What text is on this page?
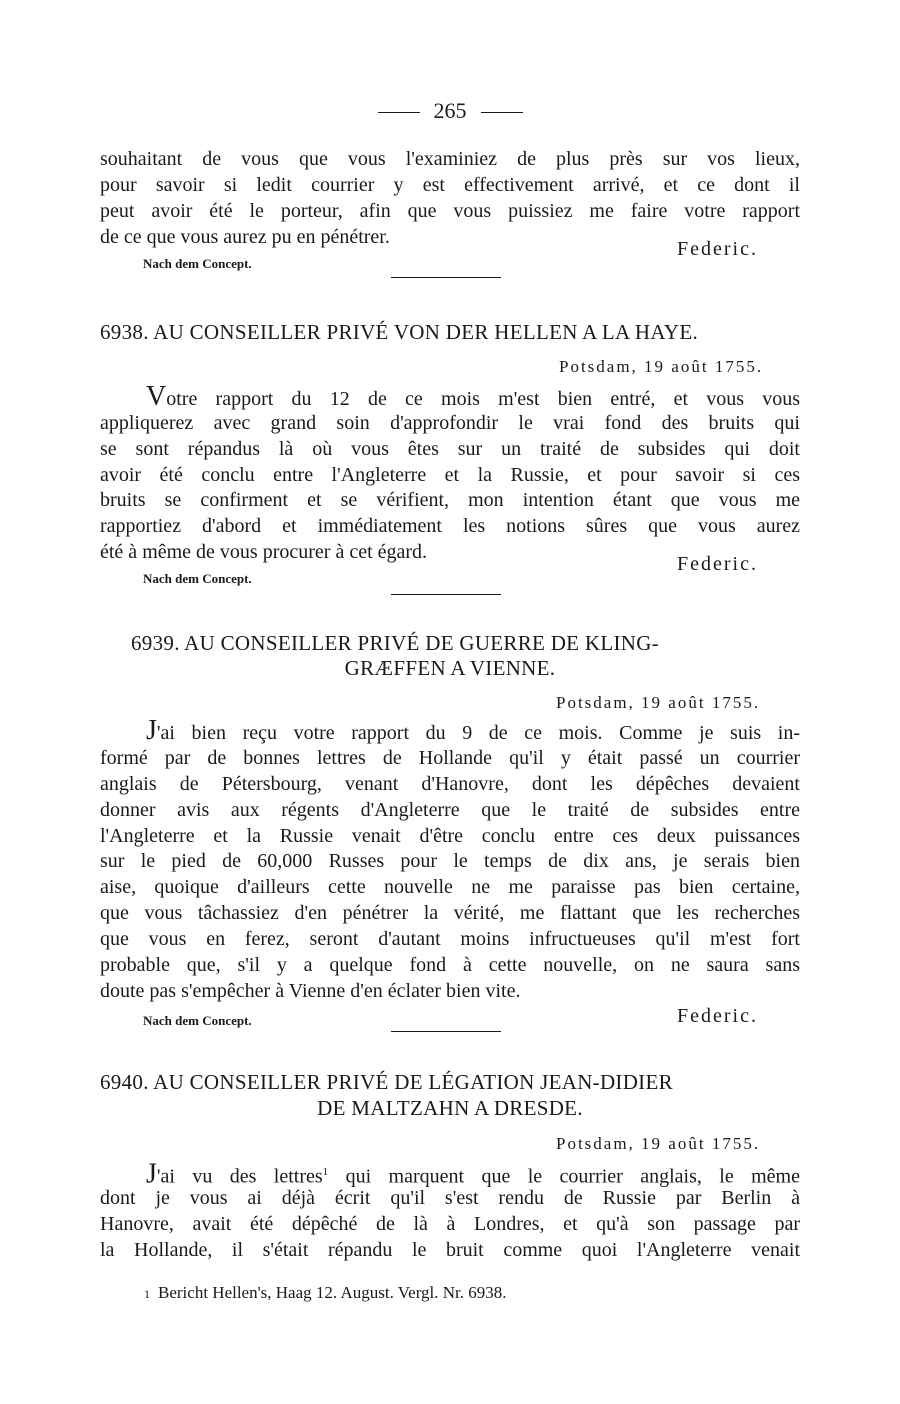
265
souhaitant de vous que vous l'examiniez de plus près sur vos lieux,
pour savoir si ledit courrier y est effectivement arrivé, et ce dont il
peut avoir été le porteur, afin que vous puissiez me faire votre rapport
de ce que vous aurez pu en pénétrer.
Federic.
Nach dem Concept.
6938. AU CONSEILLER PRIVÉ VON DER HELLEN A LA HAYE.
Potsdam, 19 août 1755.
Votre rapport du 12 de ce mois m'est bien entré, et vous vous
appliquerez avec grand soin d'approfondir le vrai fond des bruits qui
se sont répandus là où vous êtes sur un traité de subsides qui doit
avoir été conclu entre l'Angleterre et la Russie, et pour savoir si ces
bruits se confirment et se vérifient, mon intention étant que vous me
rapportiez d'abord et immédiatement les notions sûres que vous aurez
été à même de vous procurer à cet égard.
Federic.
Nach dem Concept.
6939. AU CONSEILLER PRIVÉ DE GUERRE DE KLING-
GRÆFFEN A VIENNE.
Potsdam, 19 août 1755.
J'ai bien reçu votre rapport du 9 de ce mois. Comme je suis in-
formé par de bonnes lettres de Hollande qu'il y était passé un courrier
anglais de Pétersbourg, venant d'Hanovre, dont les dépêches devaient
donner avis aux régents d'Angleterre que le traité de subsides entre
l'Angleterre et la Russie venait d'être conclu entre ces deux puissances
sur le pied de 60,000 Russes pour le temps de dix ans, je serais bien
aise, quoique d'ailleurs cette nouvelle ne me paraisse pas bien certaine,
que vous tâchassiez d'en pénétrer la vérité, me flattant que les recherches
que vous en ferez, seront d'autant moins infructueuses qu'il m'est fort
probable que, s'il y a quelque fond à cette nouvelle, on ne saura sans
doute pas s'empêcher à Vienne d'en éclater bien vite.
Nach dem Concept.	Federic.
6940. AU CONSEILLER PRIVÉ DE LÉGATION JEAN-DIDIER
DE MALTZAHN A DRESDE.
Potsdam, 19 août 1755.
J'ai vu des lettres$^1$ qui marquent que le courrier anglais, le même
dont je vous ai déjà écrit qu'il s'est rendu de Russie par Berlin à
Hanovre, avait été dépêché de là à Londres, et qu'à son passage par
la Hollande, il s'était répandu le bruit comme quoi l'Angleterre venait
1 Bericht Hellen's, Haag 12. August. Vergl. Nr. 6938.
